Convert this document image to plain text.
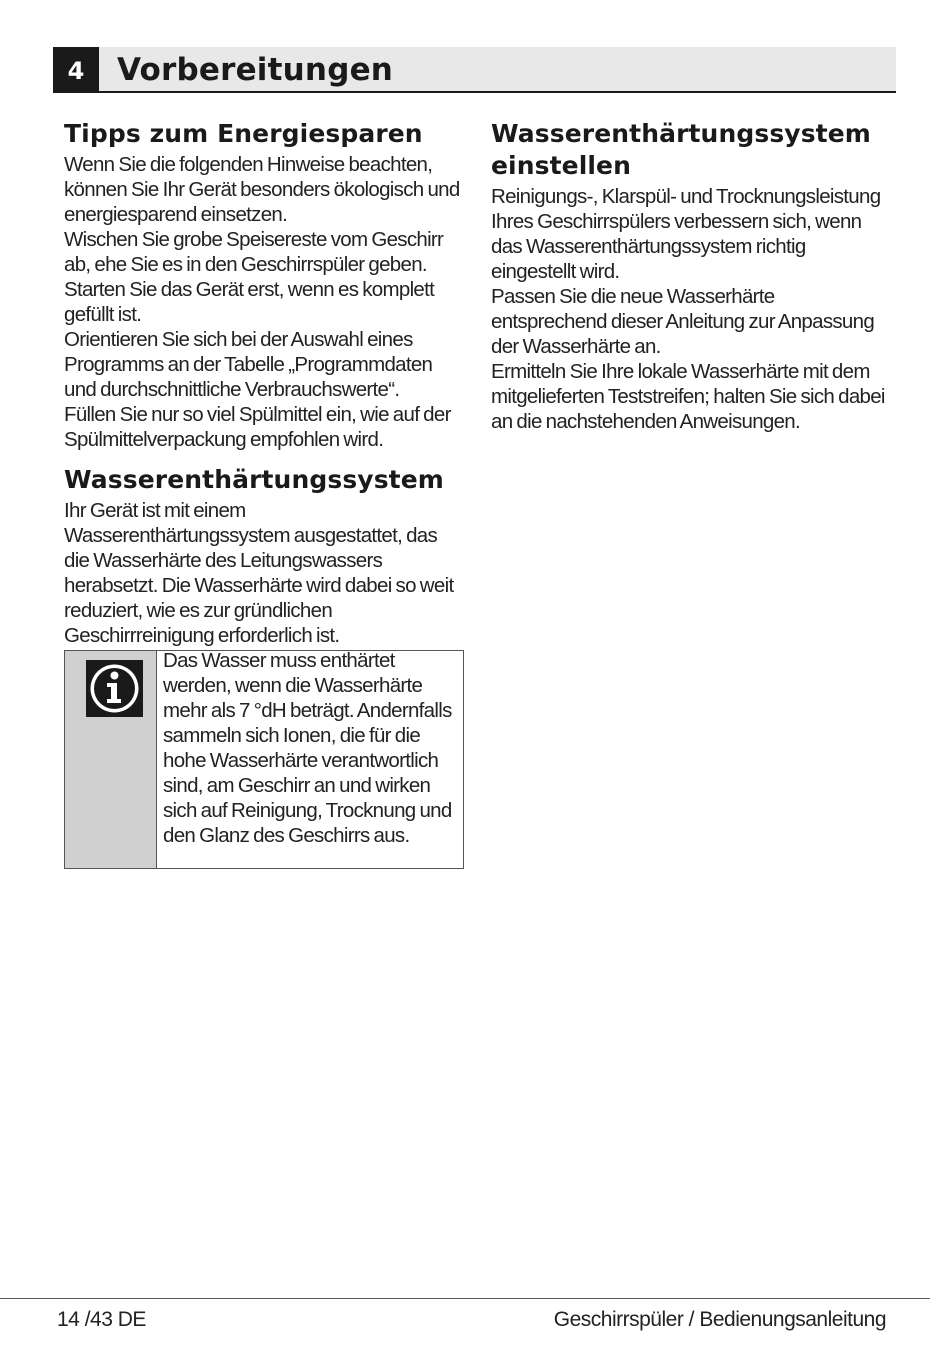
4	Vorbereitungen
Tipps zum Energiesparen

Wenn Sie die folgenden Hinweise beachten, können Sie Ihr Gerät besonders ökologisch und energiesparend einsetzen.

Wischen Sie grobe Speisereste vom Geschirr ab, ehe Sie es in den Geschirrspüler geben.

Starten Sie das Gerät erst, wenn es komplett gefüllt ist.

Orientieren Sie sich bei der Auswahl eines Programms an der Tabelle „Programmdaten und durchschnittliche Verbrauchswerte“.

Füllen Sie nur so viel Spülmittel ein, wie auf der Spülmittelverpackung empfohlen wird.

Wasserenthärtungssystem

Ihr Gerät ist mit einem Wasserenthärtungssystem ausgestattet, das die Wasserhärte des Leitungswassers herabsetzt. Die Wasserhärte wird dabei so weit reduziert, wie es zur gründlichen Geschirrreinigung erforderlich ist.

Das Wasser muss enthärtet werden, wenn die Wasserhärte mehr als 7 °dH beträgt. Andernfalls sammeln sich Ionen, die für die hohe Wasserhärte verantwortlich sind, am Geschirr an und wirken sich auf Reinigung, Trocknung und den Glanz des Geschirrs aus.

Wasserenthärtungssystem einstellen

Reinigungs-, Klarspül- und Trocknungsleistung Ihres Geschirrspülers verbessern sich, wenn das Wasserenthärtungssystem richtig eingestellt wird.

Passen Sie die neue Wasserhärte entsprechend dieser Anleitung zur Anpassung der Wasserhärte an.

Ermitteln Sie Ihre lokale Wasserhärte mit dem mitgelieferten Teststreifen; halten Sie sich dabei an die nachstehenden Anweisungen.

14 /43 DE	Geschirrspüler / Bedienungsanleitung
